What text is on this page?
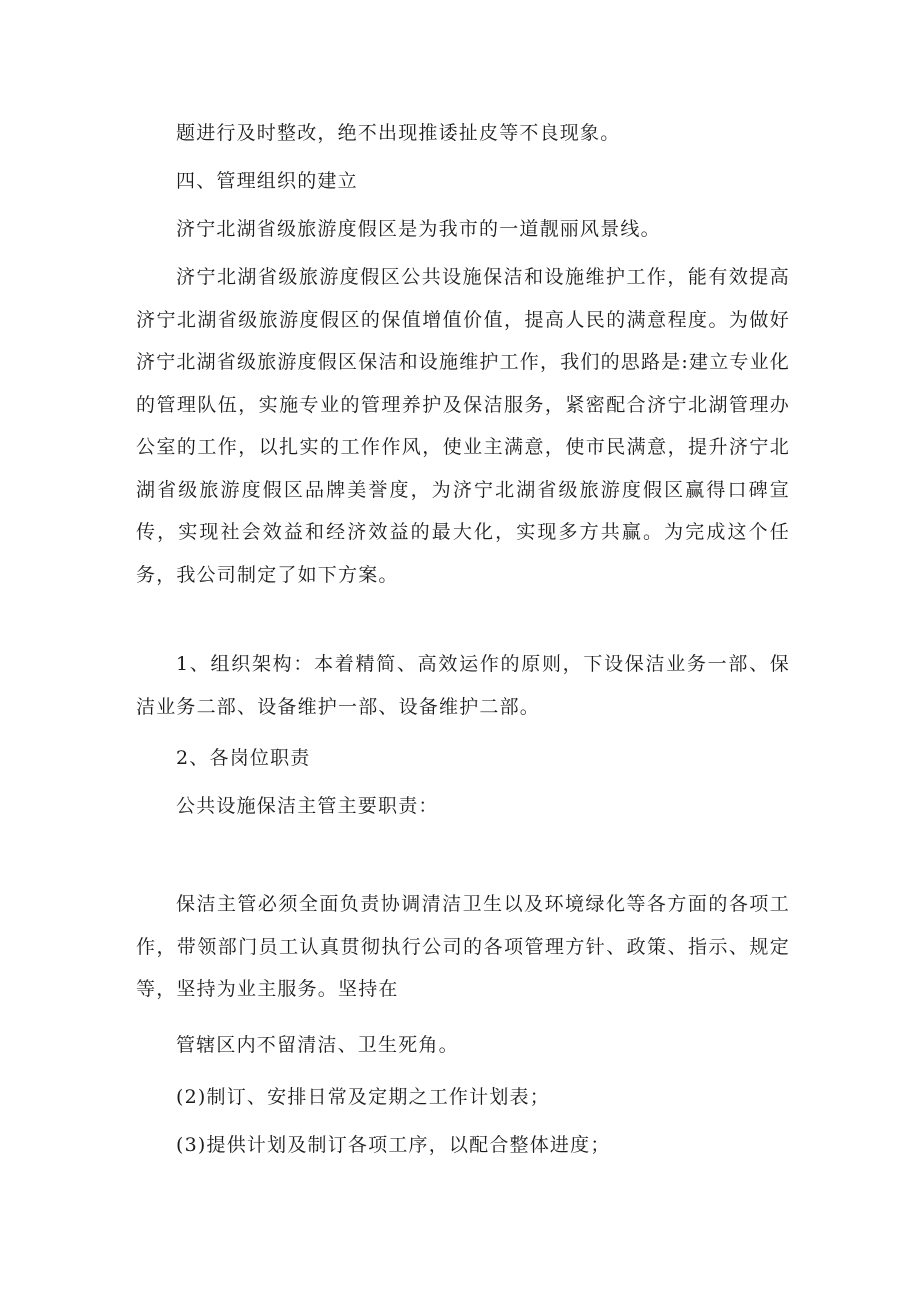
题进行及时整改，绝不出现推诿扯皮等不良现象。

四、管理组织的建立

济宁北湖省级旅游度假区是为我市的一道靓丽风景线。

济宁北湖省级旅游度假区公共设施保洁和设施维护工作，能有效提高济宁北湖省级旅游度假区的保值增值价值，提高人民的满意程度。为做好济宁北湖省级旅游度假区保洁和设施维护工作，我们的思路是:建立专业化的管理队伍，实施专业的管理养护及保洁服务，紧密配合济宁北湖管理办公室的工作，以扎实的工作作风，使业主满意，使市民满意，提升济宁北湖省级旅游度假区品牌美誉度，为济宁北湖省级旅游度假区赢得口碑宣传，实现社会效益和经济效益的最大化，实现多方共赢。为完成这个任务，我公司制定了如下方案。

1、组织架构：本着精简、高效运作的原则，下设保洁业务一部、保洁业务二部、设备维护一部、设备维护二部。

2、各岗位职责

公共设施保洁主管主要职责：

保洁主管必须全面负责协调清洁卫生以及环境绿化等各方面的各项工作，带领部门员工认真贯彻执行公司的各项管理方针、政策、指示、规定等，坚持为业主服务。坚持在

管辖区内不留清洁、卫生死角。

(2)制订、安排日常及定期之工作计划表；

(3)提供计划及制订各项工序，以配合整体进度；
